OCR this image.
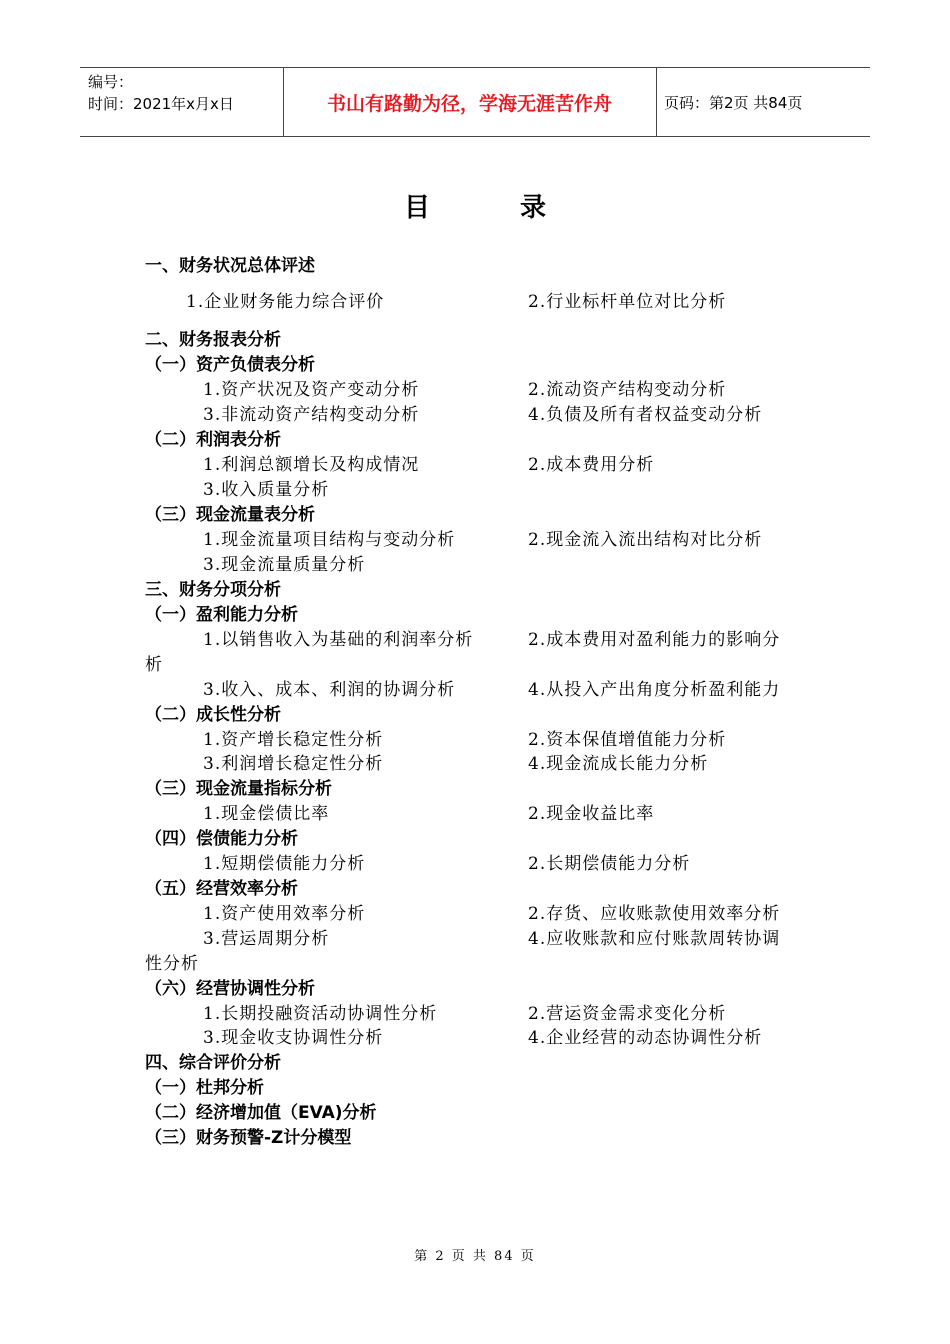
编号：
时间：2021年x月x日	书山有路勤为径，学海无涯苦作舟	页码：第2页 共84页
目录
一、财务状况总体评述
1.企业财务能力综合评价	2.行业标杆单位对比分析
二、财务报表分析
（一）资产负债表分析
1.资产状况及资产变动分析	2.流动资产结构变动分析
3.非流动资产结构变动分析	4.负债及所有者权益变动分析
（二）利润表分析
1.利润总额增长及构成情况	2.成本费用分析
3.收入质量分析
（三）现金流量表分析
1.现金流量项目结构与变动分析	2.现金流入流出结构对比分析
3.现金流量质量分析
三、财务分项分析
（一）盈利能力分析
1.以销售收入为基础的利润率分析	2.成本费用对盈利能力的影响分
析
3.收入、成本、利润的协调分析	4.从投入产出角度分析盈利能力
（二）成长性分析
1.资产增长稳定性分析	2.资本保值增值能力分析
3.利润增长稳定性分析	4.现金流成长能力分析
（三）现金流量指标分析
1.现金偿债比率	2.现金收益比率
（四）偿债能力分析
1.短期偿债能力分析	2.长期偿债能力分析
（五）经营效率分析
1.资产使用效率分析	2.存货、应收账款使用效率分析
3.营运周期分析	4.应收账款和应付账款周转协调
性分析
（六）经营协调性分析
1.长期投融资活动协调性分析	2.营运资金需求变化分析
3.现金收支协调性分析	4.企业经营的动态协调性分析
四、综合评价分析
（一）杜邦分析
（二）经济增加值（EVA)分析
（三）财务预警-Z计分模型
第 2 页 共 84 页
